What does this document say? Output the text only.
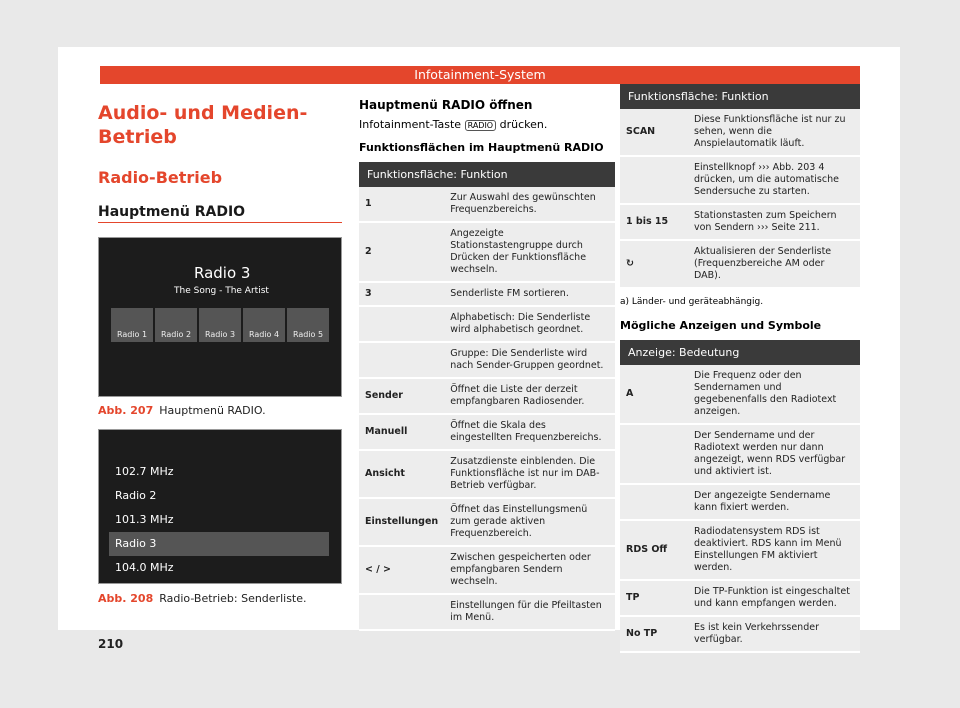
Infotainment-System
Audio- und Medien-Betrieb
Radio-Betrieb
Hauptmenü RADIO
Radio 3
The Song - The Artist
Radio 1	Radio 2	Radio 3	Radio 4	Radio 5
Abb. 207 Hauptmenü RADIO.
102.7 MHz
Radio 2
101.3 MHz
Radio 3
104.0 MHz
Abb. 208 Radio-Betrieb: Senderliste.
Hauptmenü RADIO öffnen
Infotainment-Taste RADIO drücken.
Funktionsflächen im Hauptmenü RADIO
Funktionsfläche: Funktion	
1	Zur Auswahl des gewünschten Frequenzbereichs.
2	Angezeigte Stationstastengruppe durch Drücken der Funktionsfläche wechseln.
3	Senderliste FM sortieren.
	Alphabetisch: Die Senderliste wird alphabetisch geordnet.
	Gruppe: Die Senderliste wird nach Sender-Gruppen geordnet.
Sender	Öffnet die Liste der derzeit empfangbaren Radiosender.
Manuell	Öffnet die Skala des eingestellten Frequenzbereichs.
Ansicht	Zusatzdienste einblenden. Die Funktionsfläche ist nur im DAB-Betrieb verfügbar.
Einstellungen	Öffnet das Einstellungsmenü zum gerade aktiven Frequenzbereich.
< / >	Zwischen gespeicherten oder empfangbaren Sendern wechseln.
	Einstellungen für die Pfeiltasten im Menü.
Funktionsfläche: Funktion	
SCAN	Diese Funktionsfläche ist nur zu sehen, wenn die Anspielautomatik läuft.
	Einstellknopf ››› Abb. 203 4 drücken, um die automatische Sendersuche zu starten.
1 bis 15	Stationstasten zum Speichern von Sendern ››› Seite 211.
↻	Aktualisieren der Senderliste (Frequenzbereiche AM oder DAB).
a) Länder- und geräteabhängig.
Mögliche Anzeigen und Symbole
Anzeige: Bedeutung	
A	Die Frequenz oder den Sendernamen und gegebenenfalls den Radiotext anzeigen.
	Der Sendername und der Radiotext werden nur dann angezeigt, wenn RDS verfügbar und aktiviert ist.
	Der angezeigte Sendername kann fixiert werden.
RDS Off	Radiodatensystem RDS ist deaktiviert. RDS kann im Menü Einstellungen FM aktiviert werden.
TP	Die TP-Funktion ist eingeschaltet und kann empfangen werden.
No TP	Es ist kein Verkehrssender verfügbar.
210
